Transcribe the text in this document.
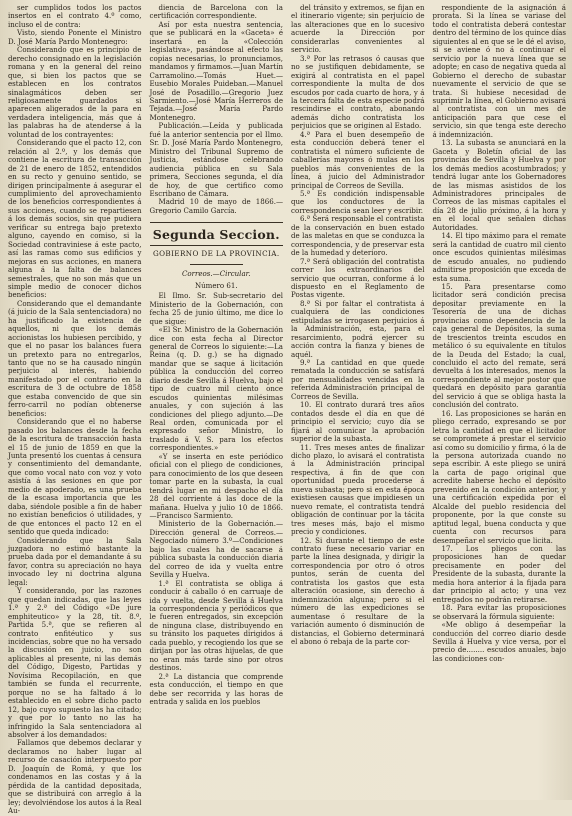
ser cumplidos todos los pactos insertos en el contrato 4.º como, incluso el de contra:

Visto, siendo Ponente el Ministro D. José María Pardo Montenegro:

Considerando que es principio de derecho consignado en la legislación romana y en la general del reino que, si bien los pactos que se establecen en los contratos sinalagmáticos deben ser religiosamente guardados si aparecen aligerados de la para en verdadera inteligencia, más que á las palabras ha de atenderse á la voluntad de los contrayentes:

Considerando que el pacto 12, con relación al 2.º, y los demás que contiene la escritura de transacción de 21 de enero de 1852, entendidos en su recto y genuino sentido, se dirigen principalmente á asegurar el cumplimiento del aprovechamiento de los beneficios correspondientes á sus acciones, cuando se repartiesen á los demás socios, sin que pudiera verificar su entrega bajo pretexto alguno, cayendo en comiso, si la Sociedad contraviniese á este pacto, así las ramas como sus edificios y mejoras en sus acciones, en manera alguna á la falta de balances semestrales, que no son más que un simple medio de conocer dichos beneficios:

Considerando que el demandante (á juicio de la Sala sentenciadora) no ha justificado la existencia de aquellos, ni que los demás accionistas los hubiesen percibido, y que el no pasar los balances fuera un pretexto para no entregarlos, tanto que no se ha causado ningún perjuicio al interés, habiendo manifestado por el contrario en la escritura de 3 de octubre de 1858 que estaba convencido de que sin ferro-carril no podían obtenerse beneficios:

Considerando que el no haberse pasado los balances desde la fecha de la escritura de transacción hasta el 15 de junio de 1859 en que la Junta presentó los cuentas á censura y consentimiento del demandante, que como vocal nato con voz y voto asistía á las sesiones en que por medio de apoderado, es una prueba de la escasa importancia que les daba, siéndole posible a fin de haber no existían beneficios ó utilidades, y de que entonces el pacto 12 en el sentido que queda indicado:

Considerando que la Sala juzgadora no estimó bastante la prueba dada por el demandante á su favor, contra su apreciación no haya invocado ley ni doctrina alguna legal:

Y considerando, por las razones que quedan indicadas, que las leyes 1.ª y 2.ª del Código «De jure emphiteutico» y la 28, tít. 8.º, Partida 5.ª, que se refieren al contrato enfitéutico y sus incidencias, sobre que no ha versado la discusión en juicio, no son aplicables al presente, ni las demás del Código, Digesto, Partidas y Novísima Recopilación, en que también se funda el recurrente, porque no se ha faltado á lo establecido en el sobre dicho pacto 12, bajo cuyo supuesto las ha citado; y que por lo tanto no las ha infringido la Sala sentenciadora al absolver á los demandados:

Fallamos que debemos declarar y declaramos no haber lugar al recurso de casación interpuesto por D. Joaquín de Romá, y que los condenamos en las costas y á la pérdida de la cantidad depositada, que se distribuirá con arreglo á la ley; devolviéndose los autos á la Real Au-

diencia de Barcelona con la certificación correspondiente.

Así por esta nuestra sentencia, que se publicará en la «Gaceta» é insertará en la «Colección legislativa», pasándose al efecto las copias necesarias, lo pronunciamos, mandamos y firmamos.—Juan Martín Carramolino.—Tomás Huet.—Eusebio Morales Puideban.—Manuel José de Posadillo.—Gregorio Juez Sarmiento.—José María Herreros de Tejada.—José María Pardo Montenegro.

Publicación.—Leída y publicada fué la anterior sentencia por el Ilmo. Sr. D. José María Pardo Montenegro, Ministro del Tribunal Supremo de Justicia, estándose celebrando audiencia pública en su Sala primera, Secciones segunda, el día de hoy, de que certifico como Escribano de Cámara.

Madrid 10 de mayo de 1866.—Gregorio Camilo García.

Segunda Seccion.
GOBIERNO DE LA PROVINCIA.

Correos.—Circular.

Número 61.

El Ilmo. Sr. Sub-secretario del Ministerio de la Gobernación, con fecha 25 de junio último, me dice lo que sigue:

«El Sr. Ministro de la Gobernación dice con esta fecha al Director general de Correos lo siguiente:—La Reina (q. D. g.) se ha dignado mandar que se saque á licitación pública la conducción del correo diario desde Sevilla á Huelva, bajo el tipo de cuatro mil ciento once escudos quinientas milésimas anuales, y con sujeción á las condiciones del pliego adjunto.—De Real orden, comunicada por el expresado señor Ministro, lo traslado á V. S. para los efectos correspondientes.»

«Y se inserta en este periódico oficial con el pliego de condiciones, para conocimiento de los que deseen tomar parte en la subasta, la cual tendrá lugar en mi despacho el día 28 del corriente á las doce de la mañana. Huelva y julio 10 de 1866.—Francisco Sarmiento.

Ministerio de la Gobernación.— Dirección general de Correos.— Negociado número 3.º—Condiciones bajo las cuales ha de sacarse á pública subasta la conducción diaria del correo de ida y vuelta entre Sevilla y Huelva.

1.ª El contratista se obliga á conducir á caballo ó en carruaje de ida y vuelta, desde Sevilla á Huelva la correspondencia y periódicos que le fueren entregados, sin excepción de ninguna clase, distribuyendo en su tránsito los paquetes dirigidos á cada pueblo, y recogiendo los que se dirijan por las otras hijuelas, de que no eran más tarde sino por otros destinos.

2.ª La distancia que comprende esta conducción, el tiempo en que debe ser recorrida y las horas de entrada y salida en los pueblos

del tránsito y extremos, se fijan en el itinerario vigente; sin perjuicio de las alteraciones que en lo sucesivo acuerde la Dirección por considerarlas convenientes al servicio.

3.ª Por las retrasos ó causas que no se justifiquen debidamente, se exigirá al contratista en el papel correspondiente la multa de dos escudos por cada cuarto de hora, y á la tercera falta de esta especie podrá rescindirse el contrato, abonando además dicho contratista los perjuicios que se originen al Estado.

4.ª Para el buen desempeño de esta conducción deberá tener el contratista el número suficiente de caballerías mayores ó mulas en los pueblos más convenientes de la línea, á juicio del Administrador principal de Correos de Sevilla.

5.ª Es condición indispensable que los conductores de la correspondencia sean leer y escribir.

6.ª Será responsable el contratista de la conservación en buen estado de las maletas en que se conduzca la correspondencia, y de preservar esta de la humedad y deterioro.

7.ª Será obligación del contratista correr los extraordinarios del servicio que ocurran, conforme á lo dispuesto en el Reglamento de Postas vigente.

8.ª Si por faltar el contratista á cualquiera de las condiciones estipuladas se irrogasen perjuicios á la Administración, esta, para el resarcimiento, podrá ejercer su acción contra la fianza y bienes de aquél.

9.ª La cantidad en que quede rematada la conducción se satisfará por mensualidades vencidas en la referida Administración principal de Correos de Sevilla.

10. El contrato durará tres años contados desde el día en que dé principio el servicio; cuyo día se fijará al comunicar la aprobación superior de la subasta.

11. Tres meses antes de finalizar dicho plazo, lo avisará el contratista á la Administración principal respectiva, á fin de que con oportunidad pueda procederse á nueva subasta; pero si en esta época existiesen causas que impidiesen un nuevo remate, el contratista tendrá obligación de continuar por la tácita tres meses más, bajo el mismo precio y condiciones.

12. Si durante el tiempo de este contrato fuese necesario variar en parte la línea designada, y dirigir la correspondencia por otro ó otros puntos, serán de cuenta del contratista los gastos que esta alteración ocasione, sin derecho á indemnización alguna; pero si el número de las expediciones se aumentase ó resultare de la variación aumento ó disminución de distancias, el Gobierno determinará el abono ó rebaja de la parte cor-

respondiente de la asignación á prorata. Si la línea se variase del todo el contratista deberá contestar dentro del término de los quince días siguientes al en que se le dé el aviso, si se aviene ó no á continuar el servicio por la nueva línea que se adopte; en caso de negativa queda al Gobierno el derecho de subastar nuevamente el servicio de que se trata. Si hubiese necesidad de suprimir la línea, el Gobierno avisará al contratista con un mes de anticipación para que cese el servicio, sin que tenga este derecho á indemnización.

13. La subasta se anunciará en la Gaceta y Boletín oficial de las provincias de Sevilla y Huelva y por los demás medios acostumbrados; y tendrá lugar ante los Gobernadores de las mismas asistidos de los Administradores principales de Correos de las mismas capitales el día 28 de julio próximo, á la hora y en el local que señalen dichas Autoridades.

14. El tipo máximo para el remate será la cantidad de cuatro mil ciento once escudos quinientas milésimas de escudo anuales, no pudiendo admitirse proposición que exceda de esta suma.

15. Para presentarse como licitador será condición precisa depositar previamente en la Tesorería de una de dichas provincias como dependencia de la caja general de Depósitos, la suma de trescientos treinta escudos en metálico ó su equivalente en títulos de la Deuda del Estado; la cual, concluido el acto del remate, será devuelta á los interesados, menos la correspondiente al mejor postor que quedará en depósito para garantía del servicio á que se obliga hasta la conclusión del contrato.

16. Las proposiciones se harán en pliego cerrado, expresando se por letra la cantidad en que el licitador se compromete á prestar el servicio así como su domicilio y firma, ó la de la persona autorizada cuando no sepa escribir. A este pliego se unirá la carta de pago original que acredite haberse hecho el depósito prevenido en la condición anterior, y una certificación expedida por el Alcalde del pueblo residencia del proponente, por la que conste su aptitud legal, buena conducta y que cuenta con recursos para desempeñar el servicio que licita.

17. Los pliegos con las proposiciones han de quedar precisamente en poder del Presidente de la subasta, durante la media hora anterior á la fijada para dar principio al acto; y una vez entregados no podrán retirarse.

18. Para evitar las proposiciones se observará la fórmula siguiente:

«Me obligo á desempeñar la conducción del correo diario desde Sevilla á Huelva y vice versa, por el precio de........ escudos anuales, bajo las condiciones con-
